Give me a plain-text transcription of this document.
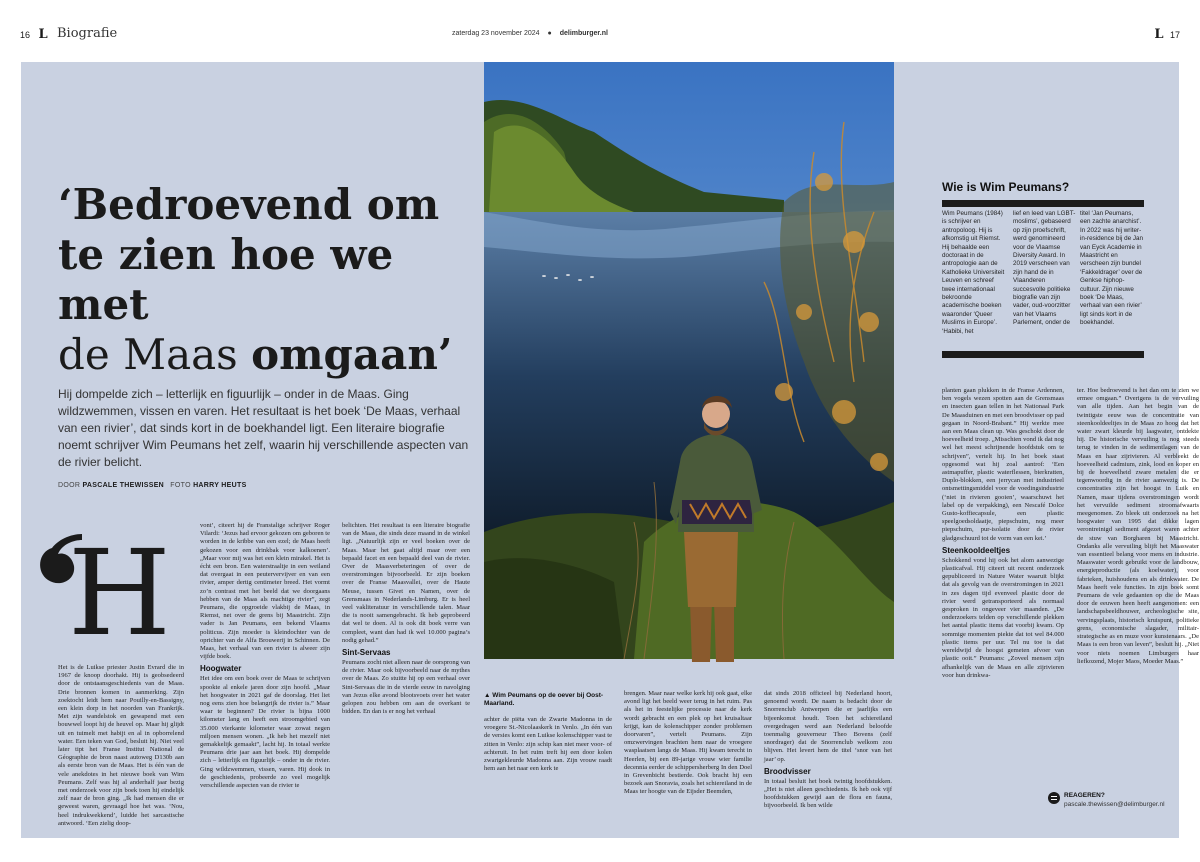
16 L Biografie	zaterdag 23 november 2024 ● delimburger.nl	L 17
‘Bedroevend om
te zien hoe we met
de Maas omgaan’

Hij dompelde zich – letterlijk en figuurlijk – onder in de Maas. Ging wildzwemmen, vissen en varen. Het resultaat is het boek ‘De Maas, verhaal van een rivier’, dat sinds kort in de boekhandel ligt. Een literaire biografie noemt schrijver Wim Peumans het zelf, waarin hij verschillende aspecten van de rivier belicht.

DOOR PASCALE THEWISSEN FOTO HARRY HEUTS
H

Het is de Luikse priester Justin Evrard die in 1967 de knoop doorhakt. Hij is geobsedeerd door de ontstaansgeschiedenis van de Maas. Drie bronnen komen in aanmerking. Zijn zoektocht leidt hem naar Pouilly-en-Bassigny, een klein dorp in het noorden van Frankrijk. Met zijn wandelstok en gewapend met een bouwwel loopt hij de heuvel op. Maar hij glijdt uit en tuimelt met habijt en al in opborrelend water. Een teken van God, besluit hij. Niet veel later tipt het Franse Institut National de Géographie de bron naast autoweg D130b aan als eerste bron van de Maas. Het is één van de vele anekdotes in het nieuwe boek van Wim Peumans. Zelf was hij al anderhalf jaar bezig met onderzoek voor zijn boek toen hij eindelijk zelf naar de bron ging. „Ik had mensen die er geweest waren, gevraagd hoe het was. ‘Nou, heel indrukwekkend’, luidde het sarcastische antwoord. ‘Een zielig doop-

vont’, citeert hij de Franstalige schrijver Roger Vilardi: ‘Jezus had ervoor gekozen om geboren te worden in de kribbe van een ezel; de Maas heeft gekozen voor een drinkbak voor kalkoenen’. „Maar voor mij was het een klein mirakel. Het is écht een bron. Een waterstraaltje in een weiland dat overgaat in een peutervervijver en van een rivier, amper dertig centimeter breed. Het vormt zo’n contrast met het beeld dat we doorgaans hebben van de Maas als machtige rivier”, zegt Peumans, die opgroeide vlakbij de Maas, in Riemst, net over de grens bij Maastricht. Zijn vader is Jan Peumans, een bekend Vlaams politicus. Zijn moeder is kleindochter van de oprichter van de Alfa Brouwerij in Schinnen. De Maas, het verhaal van een rivier is alweer zijn vijfde boek.

Hoogwater

Het idee om een boek over de Maas te schrijven spookte al enkele jaren door zijn hoofd. „Maar het hoogwater in 2021 gaf de doorslag. Het liet nog eens zien hoe belangrijk de rivier is.” Maar waar te beginnen? De rivier is bijna 1000 kilometer lang en heeft een stroomgebied van 35.000 vierkante kilometer waar zowat negen miljoen mensen wonen. „Ik heb het mezelf niet gemakkelijk gemaakt”, lacht hij. In totaal werkte Peumans drie jaar aan het boek. Hij dompelde zich – letterlijk en figuurlijk – onder in de rivier. Ging wildzwemmen, vissen, varen. Hij dook in de geschiedenis, probeerde zo veel mogelijk verschillende aspecten van de rivier te

belichten. Het resultaat is een literaire biografie van de Maas, die sinds deze maand in de winkel ligt. „Natuurlijk zijn er veel boeken over de Maas. Maar het gaat altijd maar over een bepaald facet en een bepaald deel van de rivier. Over de Maasverbeteringen of over de overstromingen bijvoorbeeld. Er zijn boeken over de Franse Maasvallei, over de Haute Meuse, tussen Givet en Namen, over de Grensmaas in Nederlands-Limburg. Er is heel veel vakliteratuur in verschillende talen. Maar die is nooit samengebracht. Ik heb geprobeerd dat wel te doen. Al is ook dit boek verre van compleet, want dan had ik wel 10.000 pagina’s nodig gehad.”

Sint-Servaas

Peumans zocht niet alleen naar de oorsprong van de rivier. Maar ook bijvoorbeeld naar de mythes over de Maas. Zo stuitte hij op een verhaal over Sint-Servaas die in de vierde eeuw in navolging van Jezus elke avond blootsvoets over het water gelopen zou hebben om aan de overkant te bidden. En dan is er nog het verhaal

▲ Wim Peumans op de oever bij Oost-Maarland.

achter de piëta van de Zwarte Madonna in de vroegere St.-Nicolaaskerk in Venlo. „In één van de versies komt een Luikse kolenschipper vast te zitten in Venlo: zijn schip kan niet meer voor- of achteruit. In het ruim treft hij een door kolen zwartgekleurde Madonna aan. Zijn vrouw raadt hem aan het naar een kerk te

brengen. Maar naar welke kerk hij ook gaat, elke avond ligt het beeld weer terug in het ruim. Pas als het in feestelijke processie naar de kerk wordt gebracht en een plek op het kruisaltaar krijgt, kan de kolenschipper zonder problemen doorvaren”, vertelt Peumans. Zijn omzwervingen brachten hem naar de vroegere wasplaatsen langs de Maas. Hij kwam terecht in Heerlen, bij een 89-jarige vrouw wier familie decennia eerder de schippersherberg In den Doel in Grevenbicht bestierde. Ook bracht hij een bezoek aan Snoravia, zoals het schiereiland in de Maas ter hoogte van de Eijsder Beemden,

dat sinds 2018 officieel bij Nederland hoort, genoemd wordt. De naam is bedacht door de Snorrenclub Antwerpen die er jaarlijks een bijeenkomst houdt. Toen het schiereiland overgedragen werd aan Nederland beloofde toenmalig gouverneur Theo Bovens (zelf snordrager) dat de Snorrenclub welkom zou blijven. Het levert hem de titel ‘snor van het jaar’ op.

Broodvisser

In totaal besluit het boek twintig hoofdstukken. „Het is niet alleen geschiedenis. Ik heb ook vijf hoofdstukken gewijd aan de flora en fauna, bijvoorbeeld. Ik ben wilde

Wie is Wim Peumans?
Wim Peumans (1984) is schrijver en antropoloog. Hij is afkomstig uit Riemst. Hij behaalde een doctoraat in de antropologie aan de Katholieke Universiteit Leuven en schreef twee internationaal bekroonde academische boeken waaronder ‘Queer Muslims in Europe’. ‘Habibi, het
lief en leed van LGBT-moslims’, gebaseerd op zijn proefschrift, werd genomineerd voor de Vlaamse Diversity Award. In 2019 verscheen van zijn hand de in Vlaanderen succesvolle politieke biografie van zijn vader, oud-voorzitter van het Vlaams Parlement, onder de
titel ‘Jan Peumans, een zachte anarchist’. In 2022 was hij writer-in-residence bij de Jan van Eyck Academie in Maastricht en verscheen zijn bundel ‘Fakkeldrager’ over de Genkse hiphop-cultuur. Zijn nieuwe boek ‘De Maas, verhaal van een rivier’ ligt sinds kort in de boekhandel.

planten gaan plukken in de Franse Ardennen, ben vogels wezen spotten aan de Grensmaas en insecten gaan tellen in het Nationaal Park De Maasduinen en met een broodvisser op pad gegaan in Noord-Brabant.” Hij werkte mee aan een Maas clean up. Was geschokt door de hoeveelheid troep. „Misschien vond ik dat nog wel het meest schrijnende hoofdstuk om te schrijven”, vertelt hij. In het boek staat opgesomd wat hij zoal aantrof: ‘Een astmapuffer, plastic waterflessen, bierkratten, Duplo-blokken, een jerrycan met industrieel ontsmettingsmiddel voor de voedingsindustrie (‘niet in rivieren gooien’, waarschuwt het label op de verpakking), een Nescafé Dolce Gusto-koffiecapsule, een plastic speelgoedsoldaatje, piepschuim, nog meer piepschuim, pur-isolatie door de rivier gladgeschuurd tot de vorm van een kei.’

Steenkooldeeltjes

Schokkend vond hij ook het alom aanwezige plasticafval. Hij citeert uit recent onderzoek gepubliceerd in Nature Water waaruit blijkt dat als gevolg van de overstromingen in 2021 in zes dagen tijd evenveel plastic door de rivier werd getransporteerd als normaal gesproken in ongeveer vier maanden. „De onderzoekers telden op verschillende plekken het aantal plastic items dat voorbij kwam. Op sommige momenten piekte dat tot wel 84.000 plastic items per uur. Tel nu toe is dat wereldwijd de hoogst gemeten afvoer van plastic ooit.” Peumans: „Zoveel mensen zijn afhankelijk van de Maas en alle zijrivieren voor hun drinkwa-

ter. Hoe bedroevend is het dan om te zien we ermee omgaan.” Overigens is de vervuiling van alle tijden. Aan het begin van de twintigste eeuw was de concentratie van steenkooldeeltjes in de Maas zo hoog dat het water zwart kleurde bij laagwater, ontdekte hij. De historische vervuiling is nog steeds terug te vinden in de sedimentlagen van de Maas en haar zijrivieren. Al verbleekt de hoeveelheid cadmium, zink, lood en koper en bij de hoeveelheid zware metalen die er tegenwoordig in de rivier aanwezig is. De concentraties zijn het hoogst in Luik en Namen, maar tijdens overstromingen wordt het vervuilde sediment stroomafwaarts meegenomen. Zo bleek uit onderzoek na het hoogwater van 1995 dat dikke lagen verontreinigd sediment afgezet waren achter de stuw van Borgharen bij Maastricht. Ondanks alle vervuiling blijft het Maaswater van essentieel belang voor mens en industrie. Maaswater wordt gebruikt voor de landbouw, energieproductie (als koelwater), voor fabrieken, huishoudens en als drinkwater. De Maas heeft vele functies. In zijn boek somt Peumans de vele gedaanten op die de Maas door de eeuwen heen heeft aangenomen: een landschapsbeeldhouwer, archeologische site, vervingsplaats, historisch kruispunt, politieke grens, economische slagader, militair-strategische as en muze voor kunstenaars. „De Maas is een bron van leven”, besluit hij. „Niet voor niets noemen Limburgers haar liefkozend, Mojer Maos, Moeder Maas.”

REAGEREN?
pascale.thewissen@delimburger.nl
